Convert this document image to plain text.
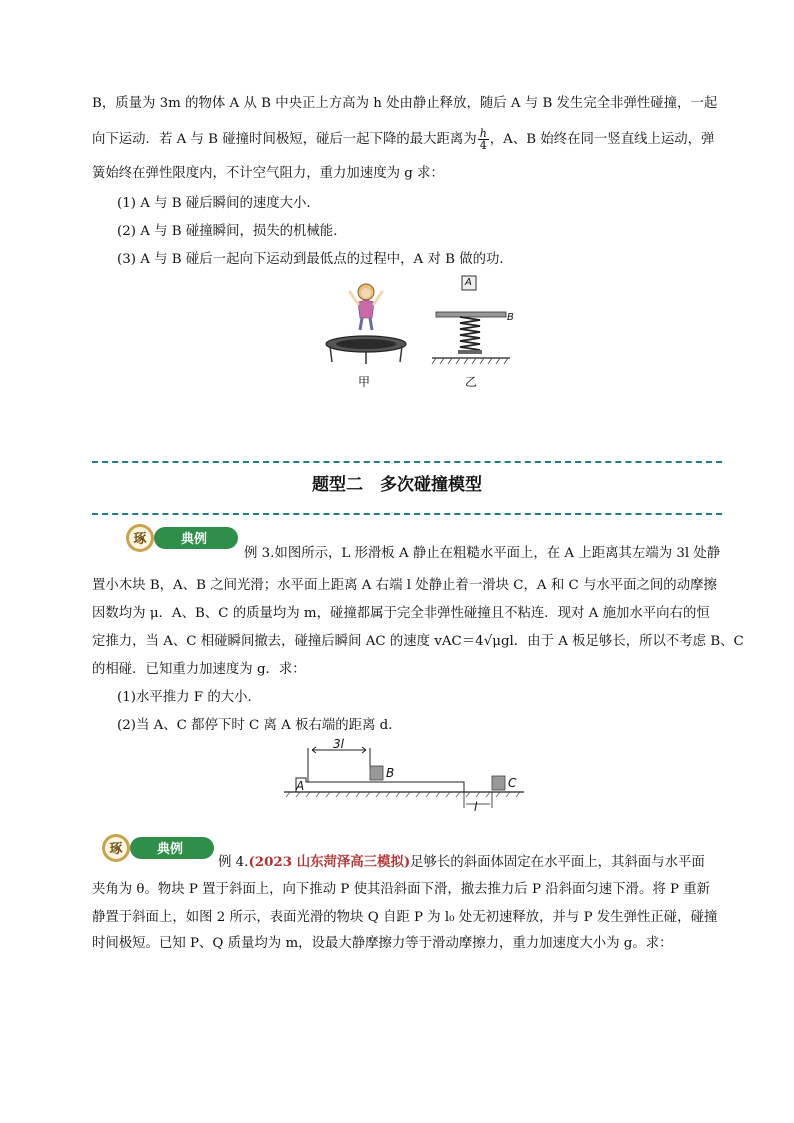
B，质量为 3m 的物体 A 从 B 中央正上方高为 h 处由静止释放，随后 A 与 B 发生完全非弹性碰撞，一起
向下运动．若 A 与 B 碰撞时间极短，碰后一起下降的最大距离为 $\frac{h}{4}$ ，A、B 始终在同一竖直线上运动，弹
簧始终在弹性限度内，不计空气阻力，重力加速度为 g 求：
(1) A 与 B 碰后瞬间的速度大小．
(2) A 与 B 碰撞瞬间，损失的机械能．
(3) A 与 B 碰后一起向下运动到最低点的过程中，A 对 B 做的功．
A
B
甲	乙
题型二　多次碰撞模型
琢	典例
例 3.如图所示，L 形滑板 A 静止在粗糙水平面上，在 A 上距离其左端为 3l 处静
置小木块 B，A、B 之间光滑；水平面上距离 A 右端 l 处静止着一滑块 C，A 和 C 与水平面之间的动摩擦
因数均为 μ．A、B、C 的质量均为 m，碰撞都属于完全非弹性碰撞且不粘连．现对 A 施加水平向右的恒
定推力，当 A、C 相碰瞬间撤去，碰撞后瞬间 AC 的速度 vAC＝4√μgl．由于 A 板足够长，所以不考虑 B、C
的相碰．已知重力加速度为 g．求：
(1)水平推力 F 的大小．
(2)当 A、C 都停下时 C 离 A 板右端的距离 d．
3l
l
A
B
C
琢	典例
例 4.(2023 山东菏泽高三模拟)足够长的斜面体固定在水平面上，其斜面与水平面
夹角为 θ。物块 P 置于斜面上，向下推动 P 使其沿斜面下滑，撤去推力后 P 沿斜面匀速下滑。将 P 重新
静置于斜面上，如图 2 所示，表面光滑的物块 Q 自距 P 为 l₀ 处无初速释放，并与 P 发生弹性正碰，碰撞
时间极短。已知 P、Q 质量均为 m，设最大静摩擦力等于滑动摩擦力，重力加速度大小为 g。求：
